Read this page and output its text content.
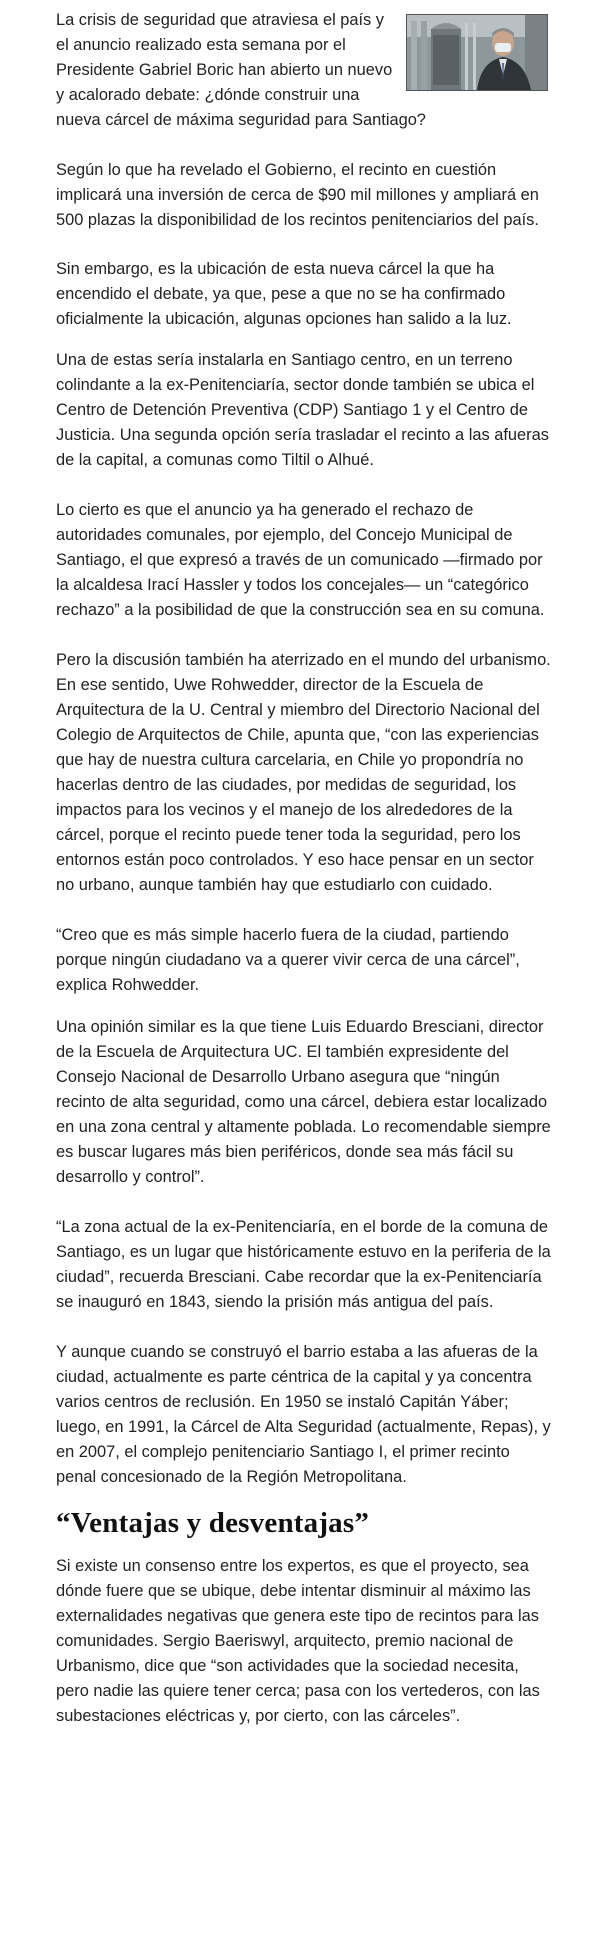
La crisis de seguridad que atraviesa el país y el anuncio realizado esta semana por el Presidente Gabriel Boric han abierto un nuevo y acalorado debate: ¿dónde construir una nueva cárcel de máxima seguridad para Santiago?

Según lo que ha revelado el Gobierno, el recinto en cuestión implicará una inversión de cerca de $90 mil millones y ampliará en 500 plazas la disponibilidad de los recintos penitenciarios del país.

Sin embargo, es la ubicación de esta nueva cárcel la que ha encendido el debate, ya que, pese a que no se ha confirmado oficialmente la ubicación, algunas opciones han salido a la luz.

Una de estas sería instalarla en Santiago centro, en un terreno colindante a la ex-Penitenciaría, sector donde también se ubica el Centro de Detención Preventiva (CDP) Santiago 1 y el Centro de Justicia. Una segunda opción sería trasladar el recinto a las afueras de la capital, a comunas como Tiltil o Alhué.

Lo cierto es que el anuncio ya ha generado el rechazo de autoridades comunales, por ejemplo, del Concejo Municipal de Santiago, el que expresó a través de un comunicado —firmado por la alcaldesa Irací Hassler y todos los concejales— un “categórico rechazo” a la posibilidad de que la construcción sea en su comuna.

Pero la discusión también ha aterrizado en el mundo del urbanismo. En ese sentido, Uwe Rohwedder, director de la Escuela de Arquitectura de la U. Central y miembro del Directorio Nacional del Colegio de Arquitectos de Chile, apunta que, “con las experiencias que hay de nuestra cultura carcelaria, en Chile yo propondría no hacerlas dentro de las ciudades, por medidas de seguridad, los impactos para los vecinos y el manejo de los alrededores de la cárcel, porque el recinto puede tener toda la seguridad, pero los entornos están poco controlados. Y eso hace pensar en un sector no urbano, aunque también hay que estudiarlo con cuidado.

“Creo que es más simple hacerlo fuera de la ciudad, partiendo porque ningún ciudadano va a querer vivir cerca de una cárcel”, explica Rohwedder.

Una opinión similar es la que tiene Luis Eduardo Bresciani, director de la Escuela de Arquitectura UC. El también expresidente del Consejo Nacional de Desarrollo Urbano asegura que “ningún recinto de alta seguridad, como una cárcel, debiera estar localizado en una zona central y altamente poblada. Lo recomendable siempre es buscar lugares más bien periféricos, donde sea más fácil su desarrollo y control”.

“La zona actual de la ex-Penitenciaría, en el borde de la comuna de Santiago, es un lugar que históricamente estuvo en la periferia de la ciudad”, recuerda Bresciani. Cabe recordar que la ex-Penitenciaría se inauguró en 1843, siendo la prisión más antigua del país.

Y aunque cuando se construyó el barrio estaba a las afueras de la ciudad, actualmente es parte céntrica de la capital y ya concentra varios centros de reclusión. En 1950 se instaló Capitán Yáber; luego, en 1991, la Cárcel de Alta Seguridad (actualmente, Repas), y en 2007, el complejo penitenciario Santiago I, el primer recinto penal concesionado de la Región Metropolitana.

“Ventajas y desventajas”

Si existe un consenso entre los expertos, es que el proyecto, sea dónde fuere que se ubique, debe intentar disminuir al máximo las externalidades negativas que genera este tipo de recintos para las comunidades. Sergio Baeriswyl, arquitecto, premio nacional de Urbanismo, dice que “son actividades que la sociedad necesita, pero nadie las quiere tener cerca; pasa con los vertederos, con las subestaciones eléctricas y, por cierto, con las cárceles”.
